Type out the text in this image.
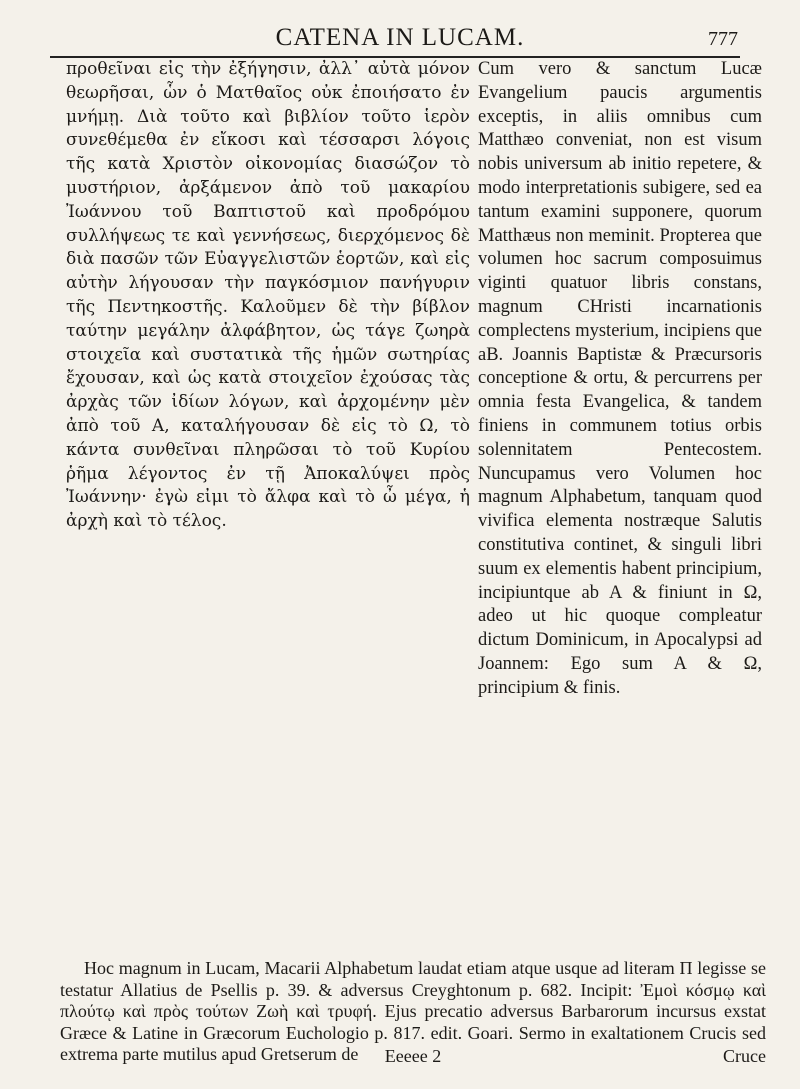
CATENA IN LUCAM.	777

προθεῖναι εἰς τὴν ἐξήγησιν, ἀλλ᾽ αὐτὰ μόνον θεωρῆσαι, ὧν ὁ Ματθαῖος οὐκ ἐποιήσατο ἐν μνήμῃ. Διὰ τοῦτο καὶ βιβλίον τοῦτο ἱερὸν συνεθέμεθα ἐν εἴκοσι καὶ τέσσαρσι λόγοις τῆς κατὰ Χριστὸν οἰκονομίας διασώζον τὸ μυστήριον, ἀρξάμενον ἀπὸ τοῦ μακαρίου Ἰωάννου τοῦ Βαπτιστοῦ καὶ προδρόμου συλλήψεως τε καὶ γεννήσεως, διερχόμενος δὲ διὰ πασῶν τῶν Εὐαγγελιστῶν ἑορτῶν, καὶ εἰς αὐτὴν λήγουσαν τὴν παγκόσμιον πανήγυριν τῆς Πεντηκοστῆς. Καλοῦμεν δὲ τὴν βίβλον ταύτην μεγάλην ἀλφάβητον, ὡς τάγε ζωηρὰ στοιχεῖα καὶ συστατικὰ τῆς ἡμῶν σωτηρίας ἔχουσαν, καὶ ὡς κατὰ στοιχεῖον ἐχούσας τὰς ἀρχὰς τῶν ἰδίων λόγων, καὶ ἀρχομένην μὲν ἀπὸ τοῦ Α, καταλήγουσαν δὲ εἰς τὸ Ω, τὸ κάντα συνθεῖναι πληρῶσαι τὸ τοῦ Κυρίου ῥῆμα λέγοντος ἐν τῇ Ἀποκαλύψει πρὸς Ἰωάννην· ἐγὼ εἰμι τὸ ἄλφα καὶ τὸ ὦ μέγα, ἡ ἀρχὴ καὶ τὸ τέλος.

Cum vero & sanctum Lucæ Evangelium paucis argumentis exceptis, in aliis omnibus cum Matthæo conveniat, non est visum nobis universum ab initio repetere, & modo interpretationis subigere, sed ea tantum examini supponere, quorum Matthæus non meminit. Propterea que volumen hoc sacrum composuimus viginti quatuor libris constans, magnum CHristi incarnationis complectens mysterium, incipiens que aB. Joannis Baptistæ & Præcursoris conceptione & ortu, & percurrens per omnia festa Evangelica, & tandem finiens in communem totius orbis solennitatem Pentecostem. Nuncupamus vero Volumen hoc magnum Alphabetum, tanquam quod vivifica elementa nostræque Salutis constitutiva continet, & singuli libri suum ex elementis habent principium, incipiuntque ab A & finiunt in Ω, adeo ut hic quoque compleatur dictum Dominicum, in Apocalypsi ad Joannem: Ego sum A & Ω, principium & finis.

Hoc magnum in Lucam, Macarii Alphabetum laudat etiam atque usque ad literam Π legisse se testatur Allatius de Psellis p. 39. & adversus Creyghtonum p. 682. Incipit: Ἐμοὶ κόσμῳ καὶ πλούτῳ καὶ πρὸς τούτων Ζωὴ καὶ τρυφή. Ejus precatio adversus Barbarorum incursus exstat Græce & Latine in Græcorum Euchologio p. 817. edit. Goari. Sermo in exaltationem Crucis sed extrema parte mutilus apud Gretserum de	Eeeee 2	Cruce
